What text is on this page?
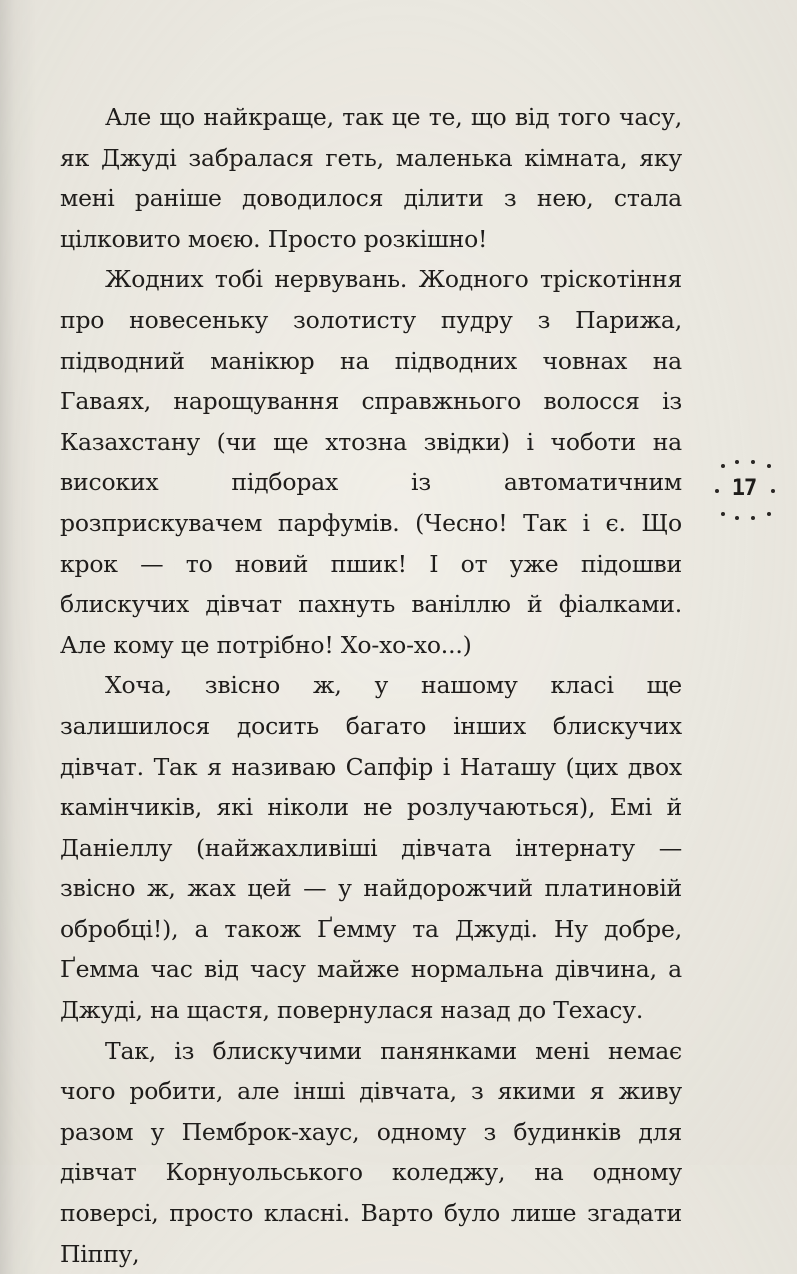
Але що найкраще, так це те, що від того часу, як Джуді забралася геть, маленька кімната, яку мені раніше доводилося ділити з нею, стала цілковито моєю. Просто розкішно!

Жодних тобі нервувань. Жодного тріскотіння про новесеньку золотисту пудру з Парижа, підводний манікюр на підводних човнах на Гаваях, нарощування справжнього волосся із Казахстану (чи ще хтозна звідки) і чоботи на високих підборах із автоматичним розприскувачем парфумів. (Чесно! Так і є. Що крок — то новий пшик! І от уже підошви блискучих дівчат пахнуть ваніллю й фіалками. Але кому це потрібно! Хо-хо-хо...)

Хоча, звісно ж, у нашому класі ще залишилося досить багато інших блискучих дівчат. Так я називаю Сапфір і Наташу (цих двох камінчиків, які ніколи не розлучаються), Емі й Даніеллу (найжахливіші дівчата інтернату — звісно ж, жах цей — у найдорожчий платиновій обробці!), а також Ґемму та Джуді. Ну добре, Ґемма час від часу майже нормальна дівчина, а Джуді, на щастя, повернулася назад до Техасу.

Так, із блискучими панянками мені немає чого робити, але інші дівчата, з якими я живу разом у Пемброк-хаус, одному з будинків для дівчат Корнуольського коледжу, на одному поверсі, просто класні. Варто було лише згадати Піппу,

17
